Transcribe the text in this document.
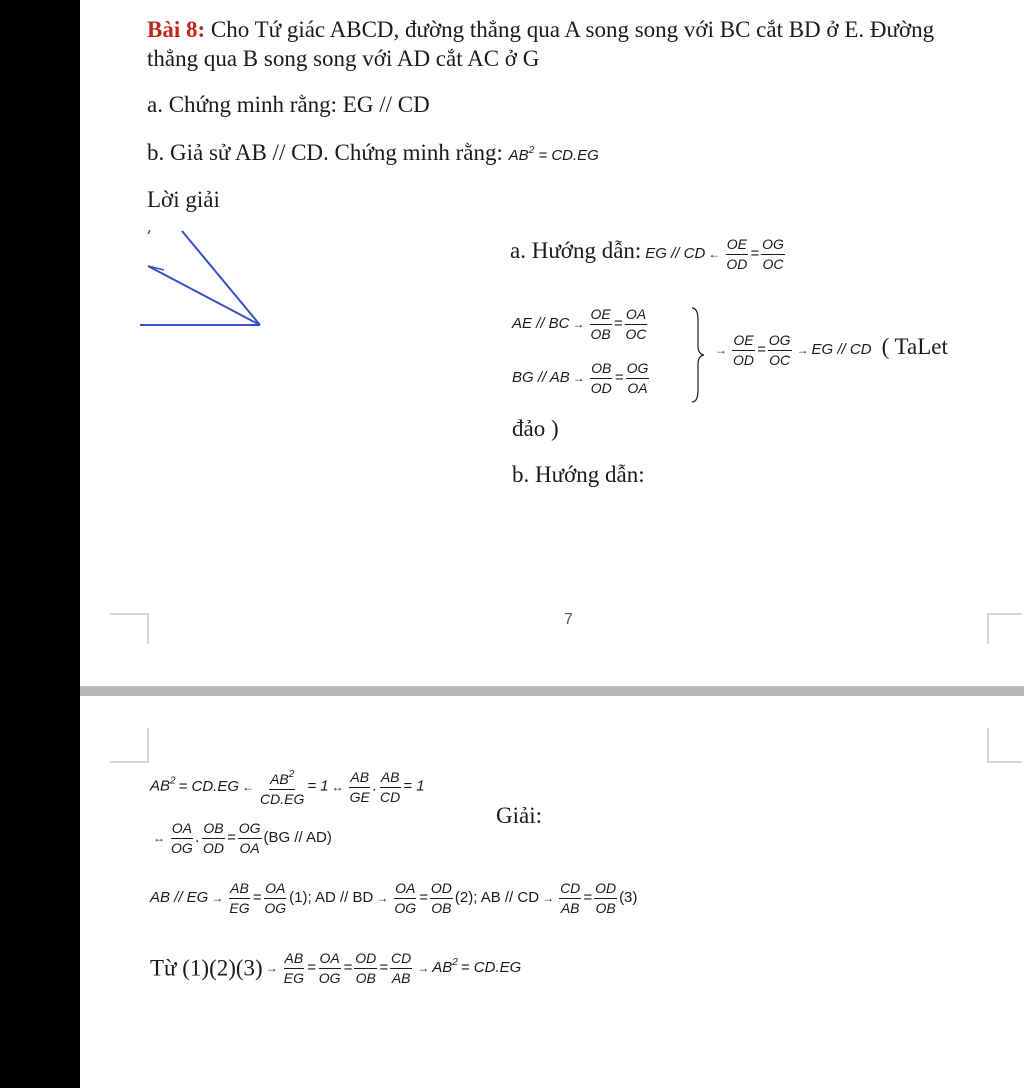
Bài 8: Cho Tứ giác ABCD, đường thẳng qua A song song với BC cắt BD ở E. Đường
thẳng qua B song song với AD cắt AC ở G
a. Chứng minh rằng: EG // CD
b. Giả sử AB // CD. Chứng minh rằng: $AB^2 = CD.EG$
Lời giải
a. Hướng dẫn: EG // CD ← $\frac{OE}{OD} = \frac{OG}{OC}$
AE // BC → $\frac{OE}{OB} = \frac{OA}{OC}$
BG // AB → $\frac{OB}{OD} = \frac{OG}{OA}$
→ $\frac{OE}{OD} = \frac{OG}{OC}$ → EG // CD ( TaLet
đảo )
b. Hướng dẫn:
7
$AB^2 = CD.EG$ ← $\frac{AB^2}{CD.EG} = 1$ ↔ $\frac{AB}{GE}$ . $\frac{AB}{CD} = 1$
Giải:
↔ $\frac{OA}{OG}$ . $\frac{OB}{OD} = \frac{OG}{OA} (BG // AD)$
AB // EG → $\frac{AB}{EG} = \frac{OA}{OG} (1)$; AD // BD → $\frac{OA}{OG} = \frac{OD}{OB} (2)$; AB // CD → $\frac{CD}{AB} = \frac{OD}{OB} (3)$
Từ $(1)(2)(3) \to \frac{AB}{EG} = \frac{OA}{OG} = \frac{OD}{OB} = \frac{CD}{AB} \to AB^2 = CD.EG$
